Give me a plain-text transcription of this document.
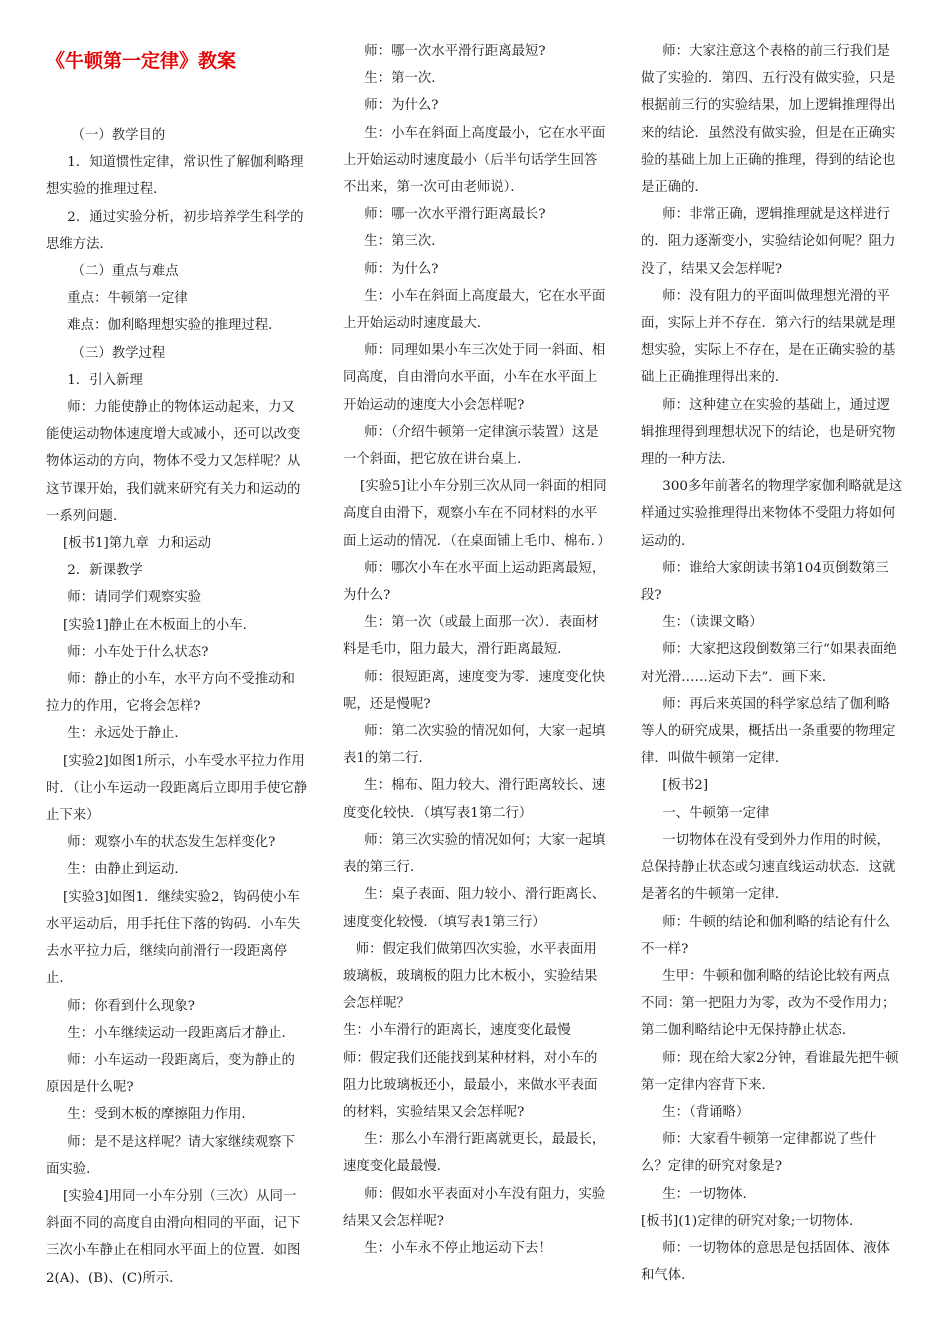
《牛顿第一定律》教案

（一）教学目的

1．知道惯性定律，常识性了解伽利略理想实验的推理过程．

2．通过实验分析，初步培养学生科学的思维方法．

（二）重点与难点

重点：牛顿第一定律

难点：伽利略理想实验的推理过程．

（三）教学过程

1．引入新理

师：力能使静止的物体运动起来，力又能使运动物体速度增大或减小，还可以改变物体运动的方向，物体不受力又怎样呢？从这节课开始，我们就来研究有关力和运动的一系列问题．

[板书1]第九章  力和运动

2．新课教学

师：请同学们观察实验

[实验1]静止在木板面上的小车．

师：小车处于什么状态?

师：静止的小车，水平方向不受推动和拉力的作用，它将会怎样?

生：永远处于静止．

[实验2]如图1所示，小车受水平拉力作用时．（让小车运动一段距离后立即用手使它静止下来）

师：观察小车的状态发生怎样变化?

生：由静止到运动．

[实验3]如图1．继续实验2，钩码使小车水平运动后，用手托住下落的钩码．小车失去水平拉力后，继续向前滑行一段距离停止．

师：你看到什么现象?

生：小车继续运动一段距离后才静止．

师：小车运动一段距离后，变为静止的原因是什么呢?

生：受到木板的摩擦阻力作用．

师：是不是这样呢？请大家继续观察下面实验．

[实验4]用同一小车分别（三次）从同一斜面不同的高度自由滑向相同的平面，记下三次小车静止在相同水平面上的位置．如图2(A)、(B)、(C)所示．

师：哪一次水平滑行距离最短?

生：第一次．

师：为什么?

生：小车在斜面上高度最小，它在水平面上开始运动时速度最小（后半句话学生回答不出来，第一次可由老师说）．

师：哪一次水平滑行距离最长?

生：第三次．

师：为什么?

生：小车在斜面上高度最大，它在水平面上开始运动时速度最大．

师：同理如果小车三次处于同一斜面、相同高度，自由滑向水平面，小车在水平面上开始运动的速度大小会怎样呢?

师：（介绍牛顿第一定律演示装置）这是一个斜面，把它放在讲台桌上．

[实验5]让小车分别三次从同一斜面的相同高度自由滑下，观察小车在不同材料的水平面上运动的情况．（在桌面铺上毛巾、棉布．）

师：哪次小车在水平面上运动距离最短，为什么?

生：第一次（或最上面那一次）．表面材料是毛巾，阻力最大，滑行距离最短．

师：很短距离，速度变为零．速度变化快呢，还是慢呢?

师：第二次实验的情况如何，大家一起填表1的第二行．

生：棉布、阻力较大、滑行距离较长、速度变化较快．（填写表1第二行）

师：第三次实验的情况如何；大家一起填表的第三行．

生：桌子表面、阻力较小、滑行距离长、速度变化较慢．（填写表1第三行）

师：假定我们做第四次实验，水平表面用玻璃板，玻璃板的阻力比木板小，实验结果会怎样呢？

生：小车滑行的距离长，速度变化最慢

师：假定我们还能找到某种材料，对小车的阻力比玻璃板还小，最最小，来做水平表面的材料，实验结果又会怎样呢?

生：那么小车滑行距离就更长，最最长，速度变化最最慢．

师：假如水平表面对小车没有阻力，实验结果又会怎样呢?

生：小车永不停止地运动下去！

师：大家注意这个表格的前三行我们是做了实验的．第四、五行没有做实验，只是根据前三行的实验结果，加上逻辑推理得出来的结论．虽然没有做实验，但是在正确实验的基础上加上正确的推理，得到的结论也是正确的．

师：非常正确，逻辑推理就是这样进行的．阻力逐渐变小，实验结论如何呢？阻力没了，结果又会怎样呢?

师：没有阻力的平面叫做理想光滑的平面，实际上并不存在．第六行的结果就是理想实验，实际上不存在，是在正确实验的基础上正确推理得出来的．

师：这种建立在实验的基础上，通过逻辑推理得到理想状况下的结论，也是研究物理的一种方法．

300多年前著名的物理学家伽利略就是这样通过实验推理得出来物体不受阻力将如何运动的．

师：谁给大家朗读书第104页倒数第三段?

生：（读课文略）

师：大家把这段倒数第三行“如果表面绝对光滑……运动下去”．画下来．

师：再后来英国的科学家总结了伽利略等人的研究成果，概括出一条重要的物理定律．叫做牛顿第一定律．

[板书2]

一、牛顿第一定律

一切物体在没有受到外力作用的时候，总保持静止状态或匀速直线运动状态．这就是著名的牛顿第一定律．

师：牛顿的结论和伽利略的结论有什么不一样?

生甲：牛顿和伽利略的结论比较有两点不同：第一把阻力为零，改为不受作用力；第二伽利略结论中无保持静止状态．

师：现在给大家2分钟，看谁最先把牛顿第一定律内容背下来．

生：（背诵略）

师：大家看牛顿第一定律都说了些什么？定律的研究对象是?

生：一切物体．

[板书](1)定律的研究对象;一切物体．

师：一切物体的意思是包括固体、液体和气体．
